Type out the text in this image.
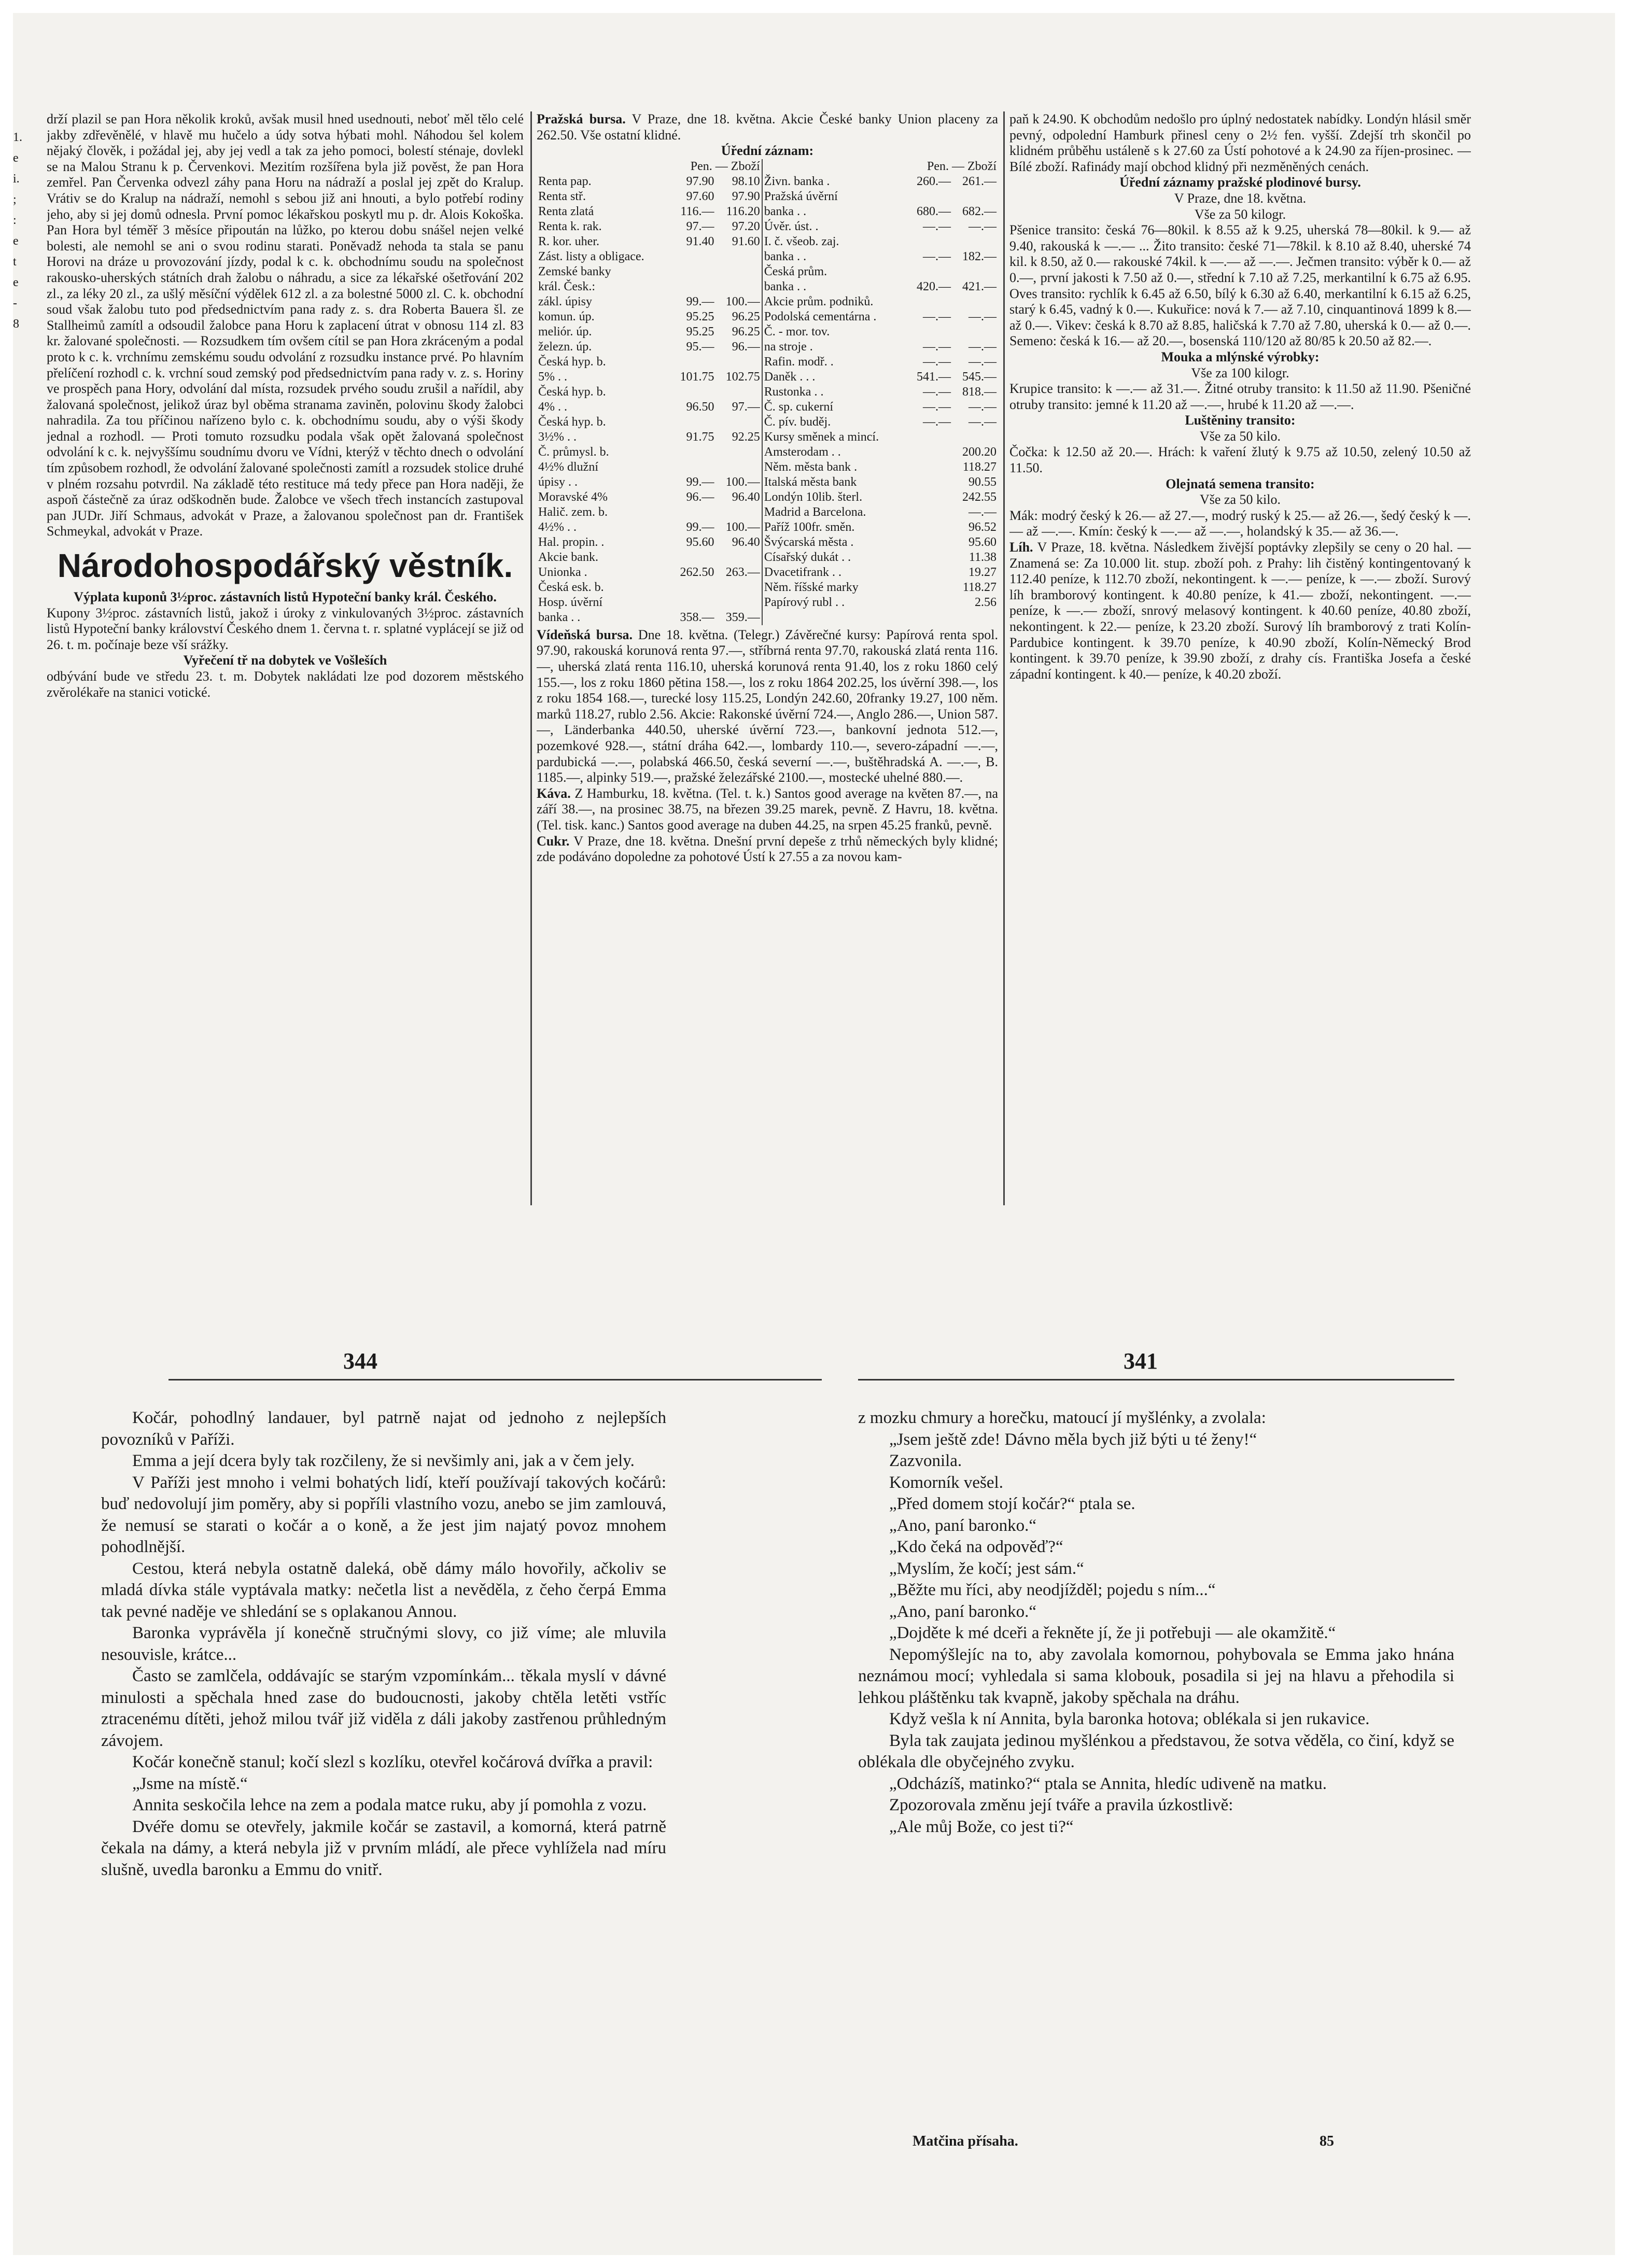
1.
e
i.
;
:
e
t
e
-
8

drží plazil se pan Hora několik kroků, avšak musil hned usednouti, neboť měl tělo celé jakby zdřevěnělé, v hlavě mu hučelo a údy sotva hýbati mohl. Náhodou šel kolem nějaký člověk, i požádal jej, aby jej vedl a tak za jeho pomoci, bolestí sténaje, dovlekl se na Malou Stranu k p. Červenkovi. Mezitím rozšířena byla již pověst, že pan Hora zemřel. Pan Červenka odvezl záhy pana Horu na nádraží a poslal jej zpět do Kralup. Vrátiv se do Kralup na nádraží, nemohl s sebou již ani hnouti, a bylo potřebí rodiny jeho, aby si jej domů odnesla. První pomoc lékařskou poskytl mu p. dr. Alois Kokoška. Pan Hora byl téměř 3 měsíce připoután na lůžko, po kterou dobu snášel nejen velké bolesti, ale nemohl se ani o svou rodinu starati. Poněvadž nehoda ta stala se panu Horovi na dráze u provozování jízdy, podal k c. k. obchodnímu soudu na společnost rakousko-uherských státních drah žalobu o náhradu, a sice za lékařské ošetřování 202 zl., za léky 20 zl., za ušlý měsíční výdělek 612 zl. a za bolestné 5000 zl. C. k. obchodní soud však žalobu tuto pod předsednictvím pana rady z. s. dra Roberta Bauera šl. ze Stallheimů zamítl a odsoudil žalobce pana Horu k zaplacení útrat v obnosu 114 zl. 83 kr. žalované společnosti. — Rozsudkem tím ovšem cítil se pan Hora zkráceným a podal proto k c. k. vrchnímu zemskému soudu odvolání z rozsudku instance prvé. Po hlavním přelíčení rozhodl c. k. vrchní soud zemský pod předsednictvím pana rady v. z. s. Horiny ve prospěch pana Hory, odvolání dal místa, rozsudek prvého soudu zrušil a nařídil, aby žalovaná společnost, jelikož úraz byl oběma stranama zaviněn, polovinu škody žalobci nahradila. Za tou příčinou nařízeno bylo c. k. obchodnímu soudu, aby o výši škody jednal a rozhodl. — Proti tomuto rozsudku podala však opět žalovaná společnost odvolání k c. k. nejvyššímu soudnímu dvoru ve Vídni, kterýž v těchto dnech o odvolání tím způsobem rozhodl, že odvolání žalované společnosti zamítl a rozsudek stolice druhé v plném rozsahu potvrdil. Na základě této restituce má tedy přece pan Hora naději, že aspoň částečně za úraz odškodněn bude. Žalobce ve všech třech instancích zastupoval pan JUDr. Jiří Schmaus, advokát v Praze, a žalovanou společnost pan dr. František Schmeykal, advokát v Praze.

Národohospodářský věstník.

Výplata kuponů 3½proc. zástavních listů Hypoteční banky král. Českého.

Kupony 3½proc. zástavních listů, jakož i úroky z vinkulovaných 3½proc. zástavních listů Hypoteční banky království Českého dnem 1. června t. r. splatné vyplácejí se již od 26. t. m. počínaje beze vší srážky.

Vyřečení tř na dobytek ve Vošleších

odbývání bude ve středu 23. t. m. Dobytek nakládati lze pod dozorem městského zvěrolékaře na stanici votické.

Pražská bursa. V Praze, dne 18. května. Akcie České banky Union placeny za 262.50. Vše ostatní klidné.

Úřední záznam:

	Pen. — Zboží			Pen. — Zboží	
Renta pap.	97.90	98.10	Živn. banka .	260.—	261.—
Renta stř.	97.60	97.90	Pražská úvěrní		
Renta zlatá	116.—	116.20	banka . .	680.—	682.—
Renta k. rak.	97.—	97.20	Úvěr. úst. .	—.—	—.—
R. kor. uher.	91.40	91.60	I. č. všeob. zaj.		
Zást. listy a obligace.			banka . .	—.—	182.—
Zemské banky			Česká prům.		
král. Česk.:			banka . .	420.—	421.—
zákl. úpisy	99.—	100.—	Akcie prům. podniků.		
komun. úp.	95.25	96.25	Podolská cementárna .	—.—	—.—
meliór. úp.	95.25	96.25	Č. - mor. tov.		
železn. úp.	95.—	96.—	na stroje .	—.—	—.—
Česká hyp. b.			Rafin. modř. .	—.—	—.—
5% . .	101.75	102.75	Daněk . . .	541.—	545.—
Česká hyp. b.			Rustonka . .	—.—	818.—
4% . .	96.50	97.—	Č. sp. cukerní	—.—	—.—
Česká hyp. b.			Č. pív. buděj.	—.—	—.—
3½% . .	91.75	92.25	Kursy směnek a mincí.		
Č. průmysl. b.			Amsterodam . .		200.20
4½% dlužní			Něm. města bank .		118.27
úpisy . .	99.—	100.—	Italská města bank		90.55
Moravské 4%	96.—	96.40	Londýn 10lib. šterl.		242.55
Halič. zem. b.			Madrid a Barcelona.		—.—
4½% . .	99.—	100.—	Paříž 100fr. směn.		96.52
Hal. propin. .	95.60	96.40	Švýcarská města .		95.60
Akcie bank.			Císařský dukát . .		11.38
Unionka .	262.50	263.—	Dvacetifrank . .		19.27
Česká esk. b.			Něm. říšské marky		118.27
Hosp. úvěrní			Papírový rubl . .		2.56
banka . .	358.—	359.—			

Vídeňská bursa. Dne 18. května. (Telegr.) Závěrečné kursy: Papírová renta spol. 97.90, rakouská korunová renta 97.—, stříbrná renta 97.70, rakouská zlatá renta 116.—, uherská zlatá renta 116.10, uherská korunová renta 91.40, los z roku 1860 celý 155.—, los z roku 1860 pětina 158.—, los z roku 1864 202.25, los úvěrní 398.—, los z roku 1854 168.—, turecké losy 115.25, Londýn 242.60, 20franky 19.27, 100 něm. marků 118.27, rublo 2.56. Akcie: Rakonské úvěrní 724.—, Anglo 286.—, Union 587.—, Länderbanka 440.50, uherské úvěrní 723.—, bankovní jednota 512.—, pozemkové 928.—, státní dráha 642.—, lombardy 110.—, severo-západní —.—, pardubická —.—, polabská 466.50, česká severní —.—, buštěhradská A. —.—, B. 1185.—, alpinky 519.—, pražské železářské 2100.—, mostecké uhelné 880.—.

Káva. Z Hamburku, 18. května. (Tel. t. k.) Santos good average na květen 87.—, na září 38.—, na prosinec 38.75, na březen 39.25 marek, pevně. Z Havru, 18. května. (Tel. tisk. kanc.) Santos good average na duben 44.25, na srpen 45.25 franků, pevně.

Cukr. V Praze, dne 18. května. Dnešní první depeše z trhů německých byly klidné; zde podáváno dopoledne za pohotové Ústí k 27.55 a za novou kam-

paň k 24.90. K obchodům nedošlo pro úplný nedostatek nabídky. Londýn hlásil směr pevný, odpolední Hamburk přinesl ceny o 2½ fen. vyšší. Zdejší trh skončil po klidném průběhu ustáleně s k 27.60 za Ústí pohotové a k 24.90 za říjen-prosinec. — Bílé zboží. Rafinády mají obchod klidný při nezměněných cenách.

Úřední záznamy pražské plodinové bursy.

V Praze, dne 18. května.

Vše za 50 kilogr.

Pšenice transito: česká 76—80kil. k 8.55 až k 9.25, uherská 78—80kil. k 9.— až 9.40, rakouská k —.— ... Žito transito: české 71—78kil. k 8.10 až 8.40, uherské 74 kil. k 8.50, až 0.— rakouské 74kil. k —.— až —.—. Ječmen transito: výběr k 0.— až 0.—, první jakosti k 7.50 až 0.—, střední k 7.10 až 7.25, merkantilní k 6.75 až 6.95. Oves transito: rychlík k 6.45 až 6.50, bílý k 6.30 až 6.40, merkantilní k 6.15 až 6.25, starý k 6.45, vadný k 0.—. Kukuřice: nová k 7.— až 7.10, cinquantinová 1899 k 8.— až 0.—. Vikev: česká k 8.70 až 8.85, haličská k 7.70 až 7.80, uherská k 0.— až 0.—. Semeno: česká k 16.— až 20.—, bosenská 110/120 až 80/85 k 20.50 až 82.—.

Mouka a mlýnské výrobky:

Vše za 100 kilogr.

Krupice transito: k —.— až 31.—. Žitné otruby transito: k 11.50 až 11.90. Pšeničné otruby transito: jemné k 11.20 až —.—, hrubé k 11.20 až —.—.

Luštěniny transito:

Vše za 50 kilo.

Čočka: k 12.50 až 20.—. Hrách: k vaření žlutý k 9.75 až 10.50, zelený 10.50 až 11.50.

Olejnatá semena transito:

Vše za 50 kilo.

Mák: modrý český k 26.— až 27.—, modrý ruský k 25.— až 26.—, šedý český k —.— až —.—. Kmín: český k —.— až —.—, holandský k 35.— až 36.—.

Líh. V Praze, 18. května. Následkem živější poptávky zlepšily se ceny o 20 hal. — Znamená se: Za 10.000 lit. stup. zboží poh. z Prahy: lih čistěný kontingentovaný k 112.40 peníze, k 112.70 zboží, nekontingent. k —.— peníze, k —.— zboží. Surový líh bramborový kontingent. k 40.80 peníze, k 41.— zboží, nekontingent. —.— peníze, k —.— zboží, snrový melasový kontingent. k 40.60 peníze, 40.80 zboží, nekontingent. k 22.— peníze, k 23.20 zboží. Surový líh bramborový z trati Kolín-Pardubice kontingent. k 39.70 peníze, k 40.90 zboží, Kolín-Německý Brod kontingent. k 39.70 peníze, k 39.90 zboží, z drahy cís. Františka Josefa a české západní kontingent. k 40.— peníze, k 40.20 zboží.

344	341

Kočár, pohodlný landauer, byl patrně najat od jednoho z nejlepších povozníků v Paříži.

Emma a její dcera byly tak rozčileny, že si nevšimly ani, jak a v čem jely.

V Paříži jest mnoho i velmi bohatých lidí, kteří používají takových kočárů: buď nedovolují jim poměry, aby si popříli vlastního vozu, anebo se jim zamlouvá, že nemusí se starati o kočár a o koně, a že jest jim najatý povoz mnohem pohodlnější.

Cestou, která nebyla ostatně daleká, obě dámy málo hovořily, ačkoliv se mladá dívka stále vyptávala matky: nečetla list a nevěděla, z čeho čerpá Emma tak pevné naděje ve shledání se s oplakanou Annou.

Baronka vyprávěla jí konečně stručnými slovy, co již víme; ale mluvila nesouvisle, krátce...

Často se zamlčela, oddávajíc se starým vzpomínkám... těkala myslí v dávné minulosti a spěchala hned zase do budoucnosti, jakoby chtěla letěti vstříc ztracenému dítěti, jehož milou tvář již viděla z dáli jakoby zastřenou průhledným závojem.

Kočár konečně stanul; kočí slezl s kozlíku, otevřel kočárová dvířka a pravil:

„Jsme na místě.“

Annita seskočila lehce na zem a podala matce ruku, aby jí pomohla z vozu.

Dvéře domu se otevřely, jakmile kočár se zastavil, a komorná, která patrně čekala na dámy, a která nebyla již v prvním mládí, ale přece vyhlížela nad míru slušně, uvedla baronku a Emmu do vnitř.

z mozku chmury a horečku, matoucí jí myšlénky, a zvolala:

„Jsem ještě zde! Dávno měla bych již býti u té ženy!“

Zazvonila.

Komorník vešel.

„Před domem stojí kočár?“ ptala se.

„Ano, paní baronko.“

„Kdo čeká na odpověď?“

„Myslím, že kočí; jest sám.“

„Běžte mu říci, aby neodjížděl; pojedu s ním...“

„Ano, paní baronko.“

„Dojděte k mé dceři a řekněte jí, že ji potřebuji — ale okamžitě.“

Nepomýšlejíc na to, aby zavolala komornou, pohybovala se Emma jako hnána neznámou mocí; vyhledala si sama klobouk, posadila si jej na hlavu a přehodila si lehkou pláštěnku tak kvapně, jakoby spěchala na dráhu.

Když vešla k ní Annita, byla baronka hotova; oblékala si jen rukavice.

Byla tak zaujata jedinou myšlénkou a představou, že sotva věděla, co činí, když se oblékala dle obyčejného zvyku.

„Odcházíš, matinko?“ ptala se Annita, hledíc udiveně na matku.

Zpozorovala změnu její tváře a pravila úzkostlivě:

„Ale můj Bože, co jest ti?“

Matčina přísaha.	85
